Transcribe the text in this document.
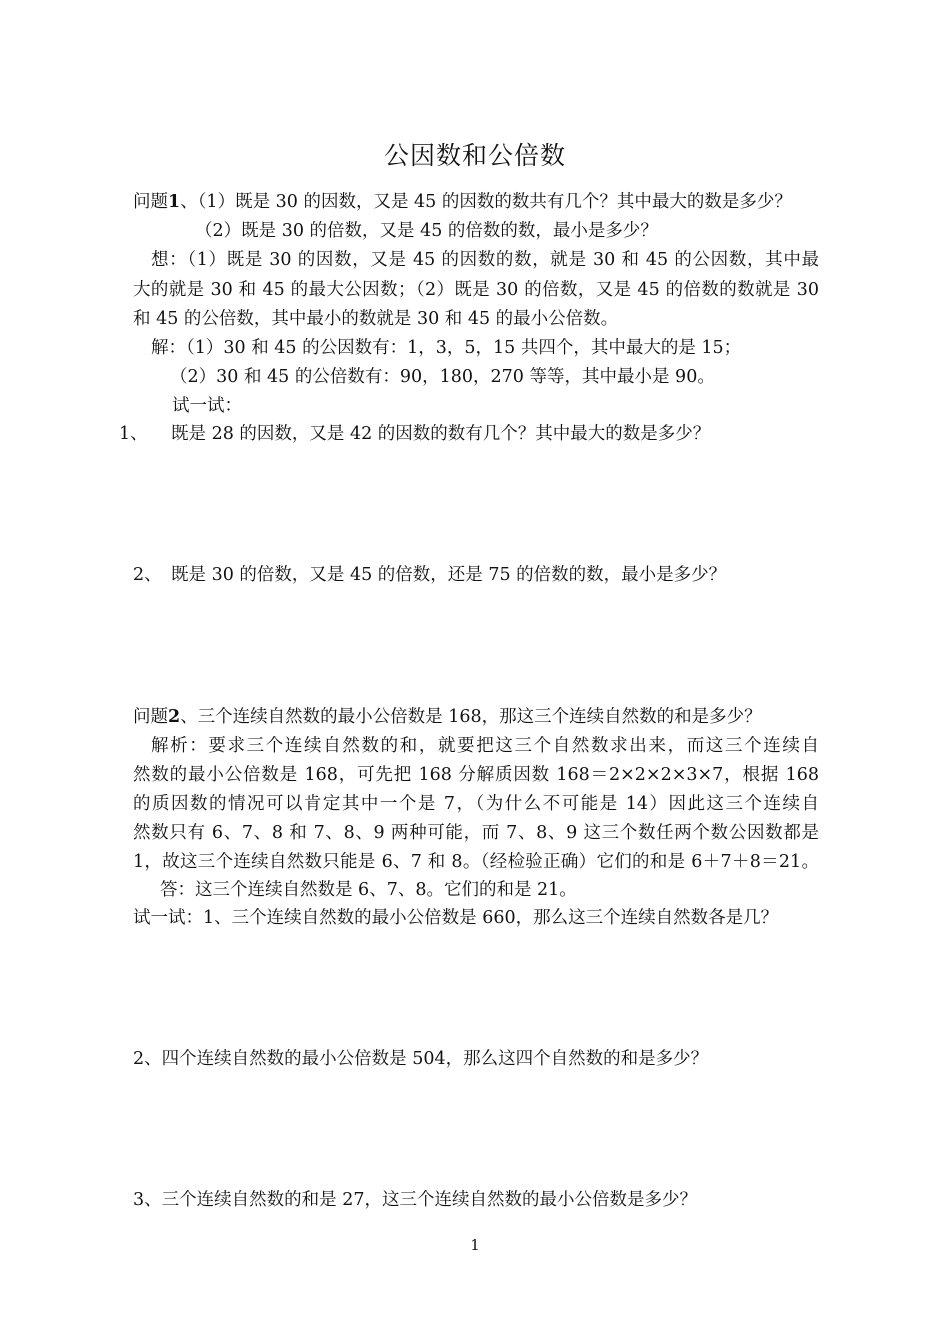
公因数和公倍数
问题1、（1）既是 30 的因数，又是 45 的因数的数共有几个？其中最大的数是多少？
（2）既是 30 的倍数，又是 45 的倍数的数，最小是多少？
想：（1）既是 30 的因数，又是 45 的因数的数，就是 30 和 45 的公因数，其中最
大的就是 30 和 45 的最大公因数；（2）既是 30 的倍数，又是 45 的倍数的数就是 30
和 45 的公倍数，其中最小的数就是 30 和 45 的最小公倍数。
解：（1）30 和 45 的公因数有：1，3，5，15 共四个，其中最大的是 15；
（2）30 和 45 的公倍数有：90，180，270 等等，其中最小是 90。
试一试：
1、 既是 28 的因数，又是 42 的因数的数有几个？其中最大的数是多少？
2、 既是 30 的倍数，又是 45 的倍数，还是 75 的倍数的数，最小是多少？
问题2、三个连续自然数的最小公倍数是 168，那这三个连续自然数的和是多少？
解析：要求三个连续自然数的和，就要把这三个自然数求出来，而这三个连续自
然数的最小公倍数是 168，可先把 168 分解质因数 168＝2×2×2×3×7，根据 168
的质因数的情况可以肯定其中一个是 7，（为什么不可能是 14）因此这三个连续自
然数只有 6、7、8 和 7、8、9 两种可能，而 7、8、9 这三个数任两个数公因数都是
1，故这三个连续自然数只能是 6、7 和 8。（经检验正确）它们的和是 6＋7＋8＝21。
答：这三个连续自然数是 6、7、8。它们的和是 21。
试一试：1、三个连续自然数的最小公倍数是 660，那么这三个连续自然数各是几？
2、四个连续自然数的最小公倍数是 504，那么这四个自然数的和是多少？
3、三个连续自然数的和是 27，这三个连续自然数的最小公倍数是多少？
1
